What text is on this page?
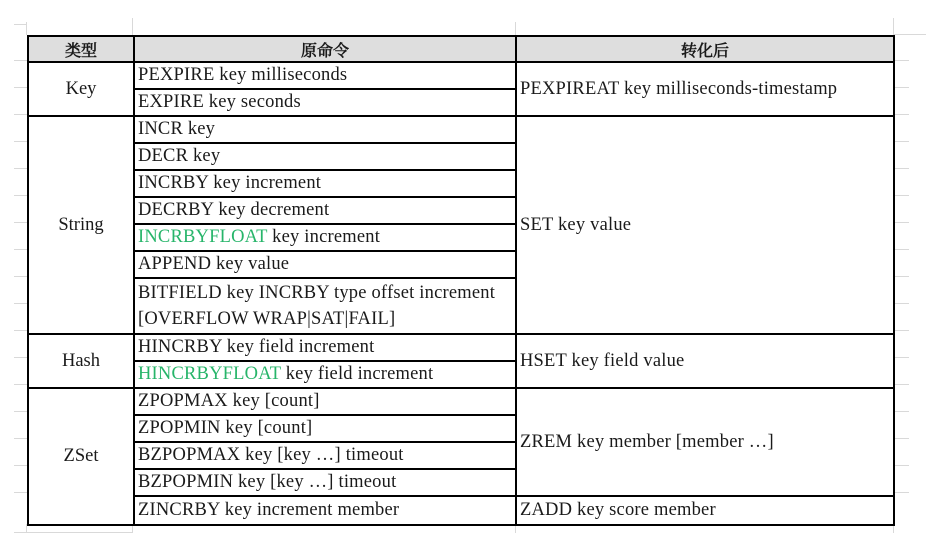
类型	原命令	转化后
Key	PEXPIRE key milliseconds	PEXPIREAT key milliseconds-timestamp
	EXPIRE key seconds	
String	INCR key	SET key value
	DECR key	
	INCRBY key increment	
	DECRBY key decrement	
	INCRBYFLOAT key increment	
	APPEND key value	

	BITFIELD key INCRBY type offset increment
[OVERFLOW WRAP|SAT|FAIL]	

Hash	HINCRBY key field increment	HSET key field value
	HINCRBYFLOAT key field increment	
ZSet	ZPOPMAX key [count]	ZREM key member [member …]
	ZPOPMIN key [count]	
	BZPOPMAX key [key …] timeout	
	BZPOPMIN key [key …] timeout	
	ZINCRBY key increment member	ZADD key score member
